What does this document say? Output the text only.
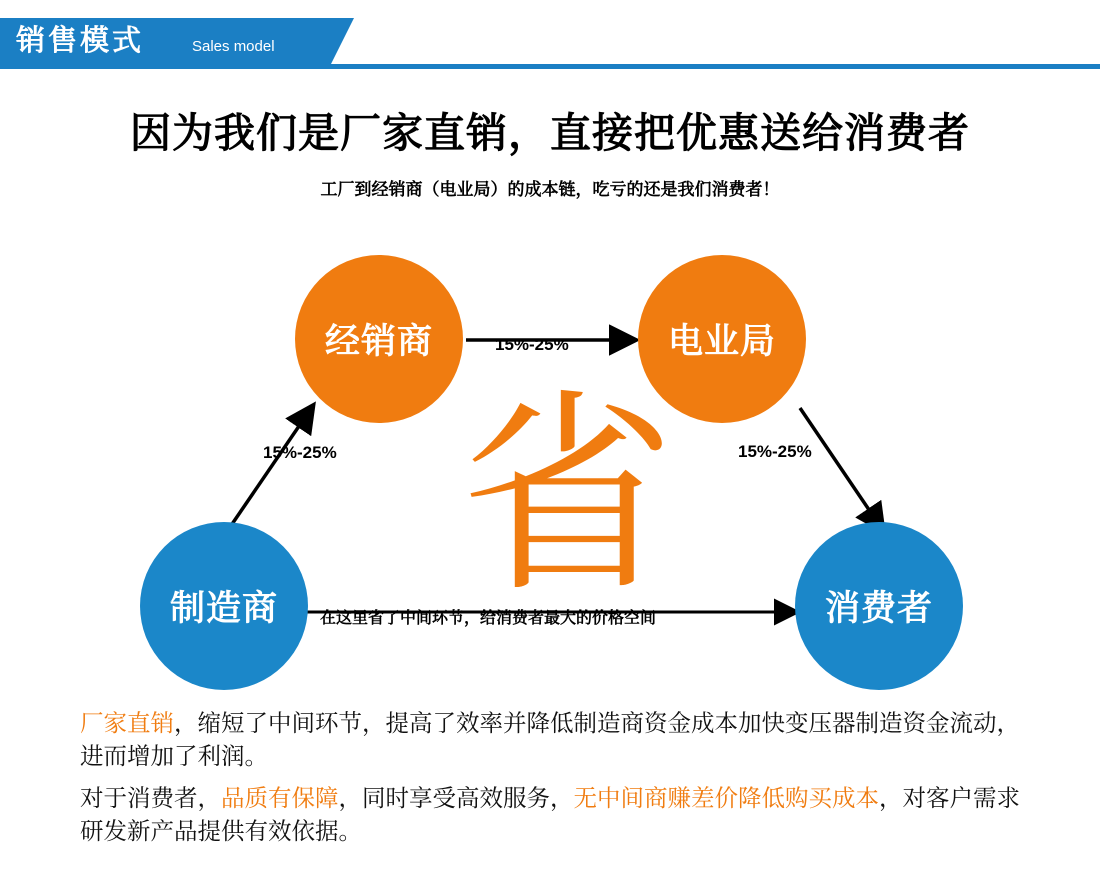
销售模式	Sales model
因为我们是厂家直销，直接把优惠送给消费者
工厂到经销商（电业局）的成本链，吃亏的还是我们消费者！
省
经销商	电业局
制造商	消费者
15%-25%
15%-25%
15%-25%
在这里省了中间环节，给消费者最大的价格空间

厂家直销，缩短了中间环节，提高了效率并降低制造商资金成本加快变压器制造资金流动，进而增加了利润。

对于消费者，品质有保障，同时享受高效服务，无中间商赚差价降低购买成本，对客户需求研发新产品提供有效依据。
